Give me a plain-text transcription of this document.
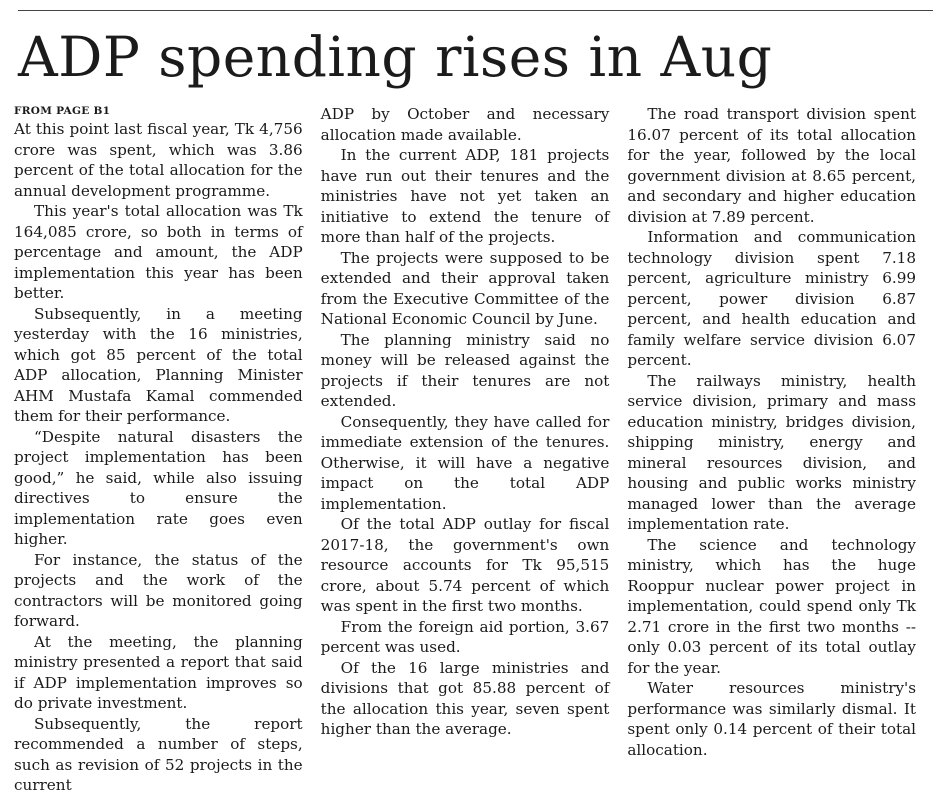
ADP spending rises in Aug
FROM PAGE B1

At this point last fiscal year, Tk 4,756 crore was spent, which was 3.86 percent of the total allocation for the annual development programme.

This year's total allocation was Tk 164,085 crore, so both in terms of percentage and amount, the ADP implementation this year has been better.

Subsequently, in a meeting yesterday with the 16 ministries, which got 85 percent of the total ADP allocation, Planning Minister AHM Mustafa Kamal commended them for their performance.

“Despite natural disasters the project implementation has been good,” he said, while also issuing directives to ensure the implementation rate goes even higher.

For instance, the status of the projects and the work of the contractors will be monitored going forward.

At the meeting, the planning ministry presented a report that said if ADP implementation improves so do private investment.

Subsequently, the report recommended a number of steps, such as revision of 52 projects in the current

ADP by October and necessary allocation made available.

In the current ADP, 181 projects have run out their tenures and the ministries have not yet taken an initiative to extend the tenure of more than half of the projects.

The projects were supposed to be extended and their approval taken from the Executive Committee of the National Economic Council by June.

The planning ministry said no money will be released against the projects if their tenures are not extended.

Consequently, they have called for immediate extension of the tenures. Otherwise, it will have a negative impact on the total ADP implementation.

Of the total ADP outlay for fiscal 2017-18, the government's own resource accounts for Tk 95,515 crore, about 5.74 percent of which was spent in the first two months.

From the foreign aid portion, 3.67 percent was used.

Of the 16 large ministries and divisions that got 85.88 percent of the allocation this year, seven spent higher than the average.

The road transport division spent 16.07 percent of its total allocation for the year, followed by the local government division at 8.65 percent, and secondary and higher education division at 7.89 percent.

Information and communication technology division spent 7.18 percent, agriculture ministry 6.99 percent, power division 6.87 percent, and health education and family welfare service division 6.07 percent.

The railways ministry, health service division, primary and mass education ministry, bridges division, shipping ministry, energy and mineral resources division, and housing and public works ministry managed lower than the average implementation rate.

The science and technology ministry, which has the huge Rooppur nuclear power project in implementation, could spend only Tk 2.71 crore in the first two months -- only 0.03 percent of its total outlay for the year.

Water resources ministry's performance was similarly dismal. It spent only 0.14 percent of their total allocation.
